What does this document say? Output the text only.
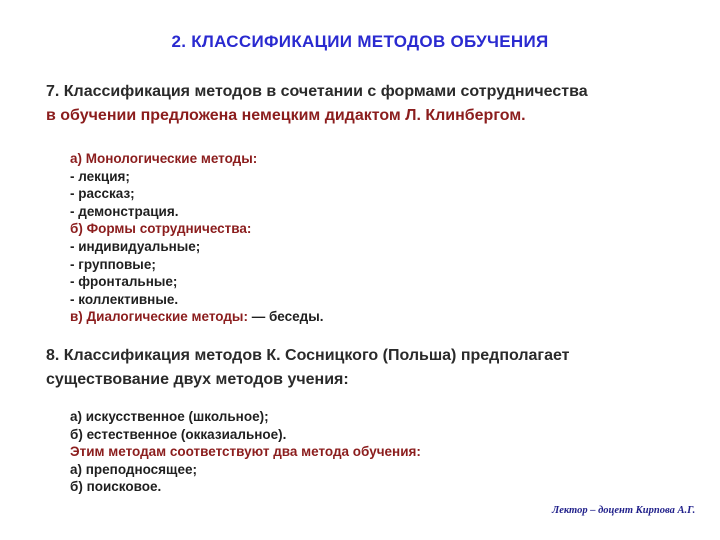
2. КЛАССИФИКАЦИИ МЕТОДОВ ОБУЧЕНИЯ
7. Классификация методов в сочетании с формами сотрудничества
в обучении предложена немецким дидактом Л. Клинбергом.
а) Монологические методы:
- лекция;
- рассказ;
- демонстрация.
б) Формы сотрудничества:
- индивидуальные;
- групповые;
- фронтальные;
- коллективные.
в) Диалогические методы: — беседы.
8. Классификация методов К. Сосницкого (Польша) предполагает
существование двух методов учения:
а) искусственное (школьное);
б) естественное (окказиальное).
Этим методам соответствуют два метода обучения:
а) преподносящее;
б) поисковое.
Лектор – доцент Кирпова А.Г.
